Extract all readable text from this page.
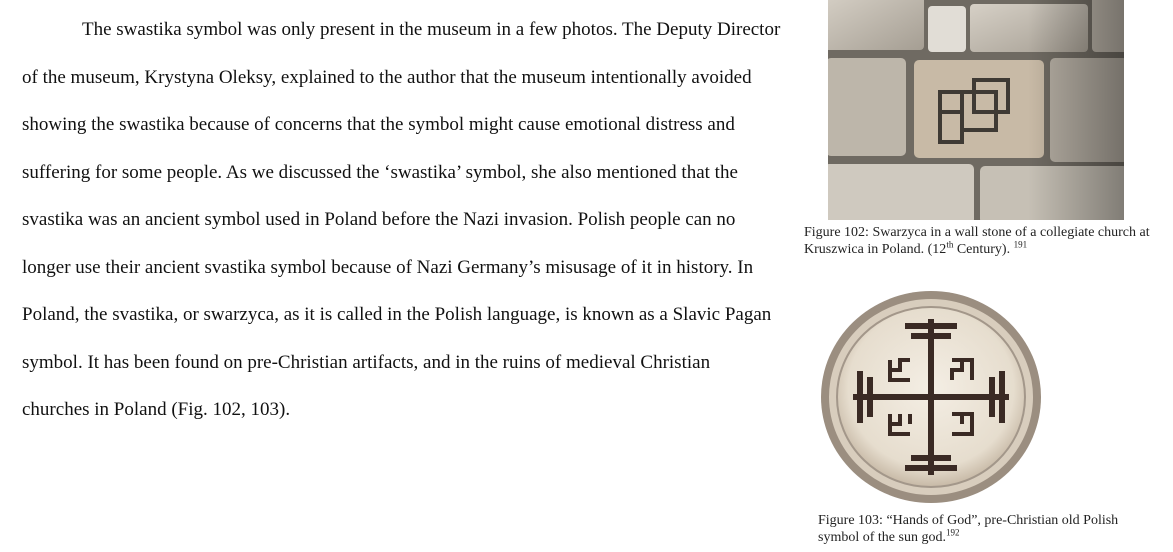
The swastika symbol was only present in the museum in a few photos. The Deputy Director of the museum, Krystyna Oleksy, explained to the author that the museum intentionally avoided showing the swastika because of concerns that the symbol might cause emotional distress and suffering for some people. As we discussed the ‘swastika’ symbol, she also mentioned that the svastika was an ancient symbol used in Poland before the Nazi invasion. Polish people can no longer use their ancient svastika symbol because of Nazi Germany’s misusage of it in history. In Poland, the svastika, or swarzyca, as it is called in the Polish language, is known as a Slavic Pagan symbol. It has been found on pre-Christian artifacts, and in the ruins of medieval Christian churches in Poland (Fig. 102, 103).

Figure 102: Swarzyca in a wall stone of a collegiate church at Kruszwica in Poland. (12th Century). $^{191}$

Figure 103: “Hands of God”, pre-Christian old Polish symbol of the sun god.$^{192}$
